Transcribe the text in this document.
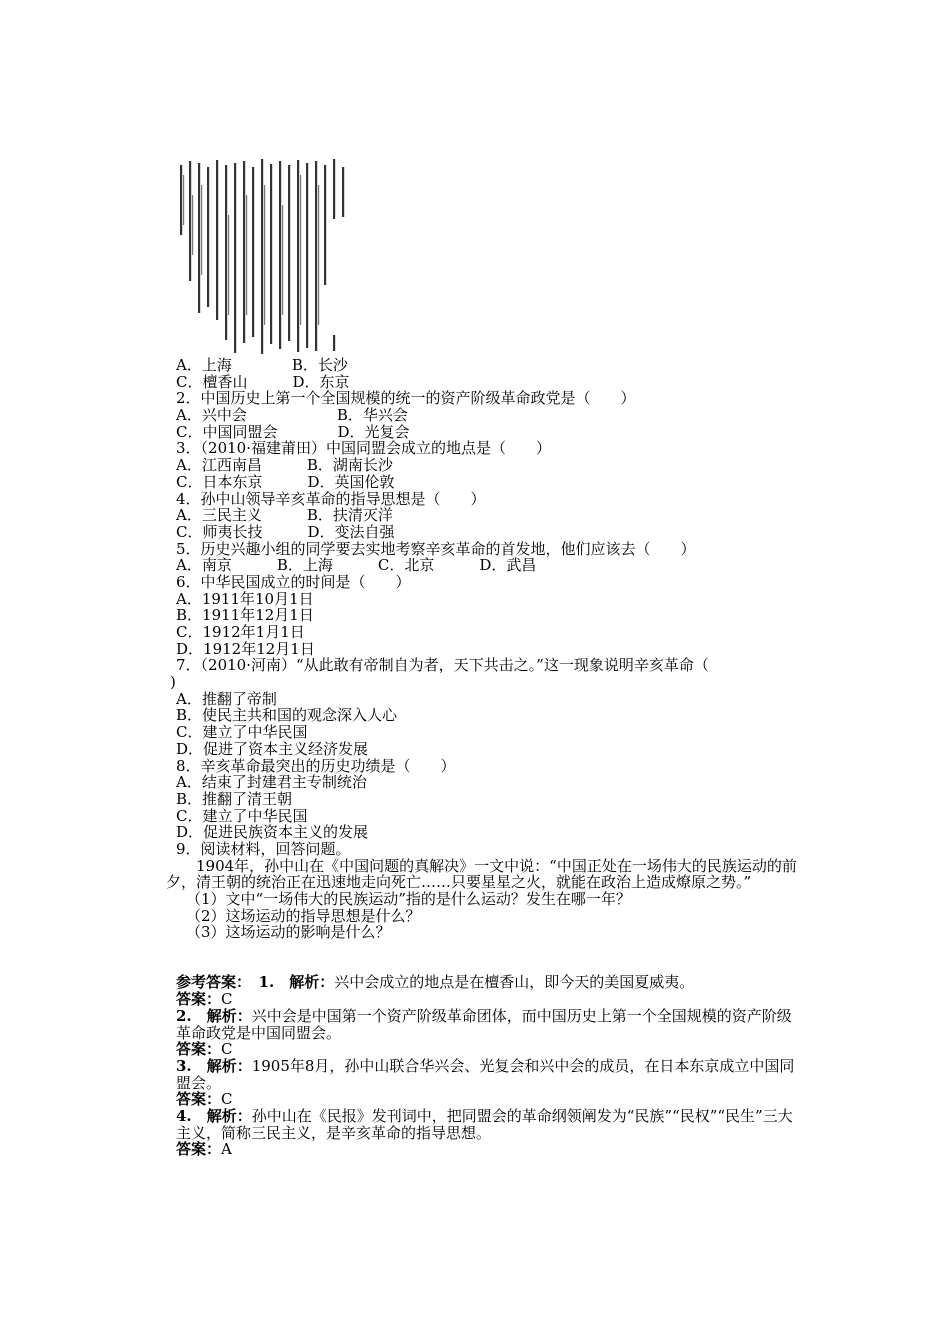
A．上海　　　　	B．长沙
C．檀香山　　　	D．东京
2．中国历史上第一个全国规模的统一的资产阶级革命政党是（　　）
A．兴中会　　　　　　	B．华兴会
C．中国同盟会　　　　	D．光复会
3．（2010·福建莆田）中国同盟会成立的地点是（　　）
A．江西南昌　　　	B．湖南长沙
C．日本东京　　　	D．英国伦敦
4．孙中山领导辛亥革命的指导思想是（　　）
A．三民主义　　　	B．扶清灭洋
C．师夷长技　　　	D．变法自强
5．历史兴趣小组的同学要去实地考察辛亥革命的首发地，他们应该去（　　）
A．南京　　　	B．上海　　　	C．北京　　　	D．武昌
6．中华民国成立的时间是（　　）
A．1911年10月1日
B．1911年12月1日
C．1912年1月1日
D．1912年12月1日
7．（2010·河南）“从此敢有帝制自为者，天下共击之。”这一现象说明辛亥革命（
)
A．推翻了帝制
B．使民主共和国的观念深入人心
C．建立了中华民国
D．促进了资本主义经济发展
8．辛亥革命最突出的历史功绩是（　　）
A．结束了封建君主专制统治
B．推翻了清王朝
C．建立了中华民国
D．促进民族资本主义的发展
9．阅读材料，回答问题。
1904年，孙中山在《中国问题的真解决》一文中说：“中国正处在一场伟大的民族运动的前夕，清王朝的统治正在迅速地走向死亡……只要星星之火，就能在政治上造成燎原之势。”
（1）文中“一场伟大的民族运动”指的是什么运动？发生在哪一年？
（2）这场运动的指导思想是什么？
（3）这场运动的影响是什么？
参考答案：　 1.　 解析：兴中会成立的地点是在檀香山，即今天的美国夏威夷。
答案：C
2.　 解析：兴中会是中国第一个资产阶级革命团体，而中国历史上第一个全国规模的资产阶级革命政党是中国同盟会。
答案：C
3.　 解析：1905年8月，孙中山联合华兴会、光复会和兴中会的成员，在日本东京成立中国同盟会。
答案：C
4.　 解析：孙中山在《民报》发刊词中，把同盟会的革命纲领阐发为“民族”“民权”“民生”三大主义，简称三民主义，是辛亥革命的指导思想。
答案：A
